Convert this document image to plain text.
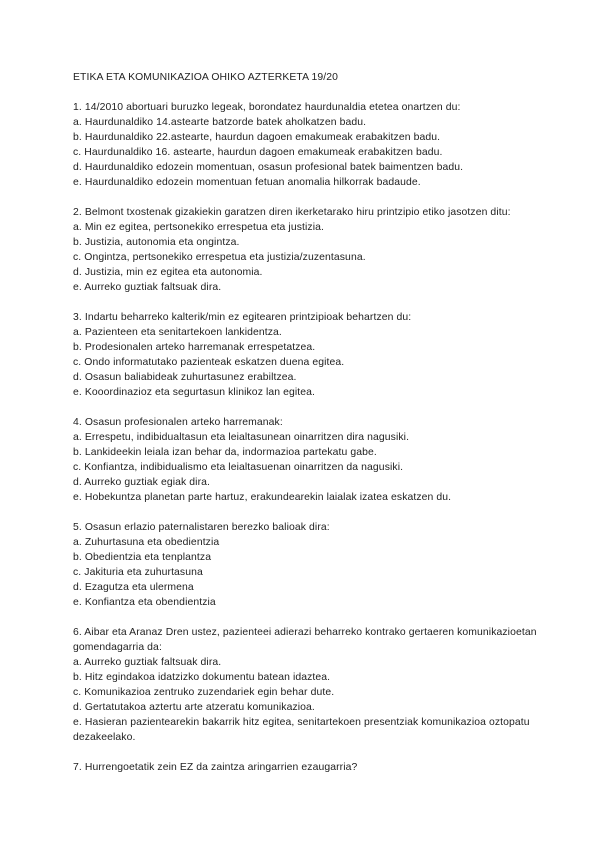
ETIKA ETA KOMUNIKAZIOA OHIKO AZTERKETA 19/20
1. 14/2010 abortuari buruzko legeak, borondatez haurdunaldia etetea onartzen du:
a. Haurdunaldiko 14.astearte batzorde batek aholkatzen badu.
b. Haurdunaldiko 22.astearte, haurdun dagoen emakumeak erabakitzen badu.
c. Haurdunaldiko 16. astearte, haurdun dagoen emakumeak erabakitzen badu.
d. Haurdunaldiko edozein momentuan, osasun profesional batek baimentzen badu.
e. Haurdunaldiko edozein momentuan fetuan anomalia hilkorrak badaude.
2. Belmont txostenak gizakiekin garatzen diren ikerketarako hiru printzipio etiko jasotzen ditu:
a. Min ez egitea, pertsonekiko errespetua eta justizia.
b. Justizia, autonomia eta ongintza.
c. Ongintza, pertsonekiko errespetua eta justizia/zuzentasuna.
d. Justizia, min ez egitea eta autonomia.
e. Aurreko guztiak faltsuak dira.
3. Indartu beharreko kalterik/min ez egitearen printzipioak behartzen du:
a. Pazienteen eta senitartekoen lankidentza.
b. Prodesionalen arteko harremanak errespetatzea.
c. Ondo informatutako pazienteak eskatzen duena egitea.
d. Osasun baliabideak zuhurtasunez erabiltzea.
e. Kooordinazioz eta segurtasun klinikoz lan egitea.
4. Osasun profesionalen arteko harremanak:
a. Errespetu, indibidualtasun eta leialtasunean oinarritzen dira nagusiki.
b. Lankideekin leiala izan behar da, indormazioa partekatu gabe.
c. Konfiantza, indibidualismo eta leialtasuenan oinarritzen da nagusiki.
d. Aurreko guztiak egiak dira.
e. Hobekuntza planetan parte hartuz, erakundearekin laialak izatea eskatzen du.
5. Osasun erlazio paternalistaren berezko balioak dira:
a. Zuhurtasuna eta obedientzia
b. Obedientzia eta tenplantza
c. Jakituria eta zuhurtasuna
d. Ezagutza eta ulermena
e. Konfiantza eta obendientzia
6. Aibar eta Aranaz Dren ustez, pazienteei adierazi beharreko kontrako gertaeren komunikazioetan gomendagarria da:
a. Aurreko guztiak faltsuak dira.
b. Hitz egindakoa idatzizko dokumentu batean idaztea.
c. Komunikazioa zentruko zuzendariek egin behar dute.
d. Gertatutakoa aztertu arte atzeratu komunikazioa.
e. Hasieran pazientearekin bakarrik hitz egitea, senitartekoen presentziak komunikazioa oztopatu dezakeelako.
7. Hurrengoetatik zein EZ da zaintza aringarrien ezaugarria?
